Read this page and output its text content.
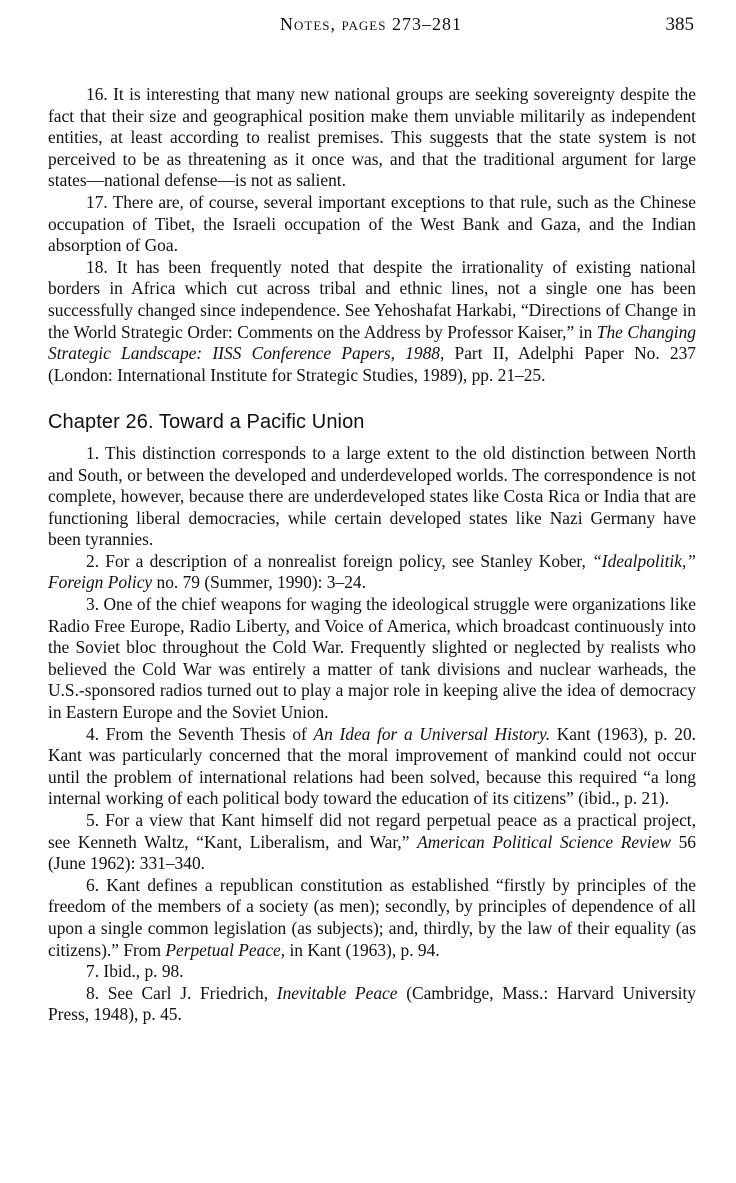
Notes, pages 273–281	385

16. It is interesting that many new national groups are seeking sovereignty despite the fact that their size and geographical position make them unviable militarily as independent entities, at least according to realist premises. This suggests that the state system is not perceived to be as threatening as it once was, and that the traditional argument for large states—national defense—is not as salient.

17. There are, of course, several important exceptions to that rule, such as the Chinese occupation of Tibet, the Israeli occupation of the West Bank and Gaza, and the Indian absorption of Goa.

18. It has been frequently noted that despite the irrationality of existing national borders in Africa which cut across tribal and ethnic lines, not a single one has been successfully changed since independence. See Yehoshafat Harkabi, “Directions of Change in the World Strategic Order: Comments on the Address by Professor Kaiser,” in The Changing Strategic Landscape: IISS Conference Papers, 1988, Part II, Adelphi Paper No. 237 (London: International Institute for Strategic Studies, 1989), pp. 21–25.

Chapter 26. Toward a Pacific Union

1. This distinction corresponds to a large extent to the old distinction between North and South, or between the developed and underdeveloped worlds. The correspondence is not complete, however, because there are underdeveloped states like Costa Rica or India that are functioning liberal democracies, while certain developed states like Nazi Germany have been tyrannies.

2. For a description of a nonrealist foreign policy, see Stanley Kober, “Idealpolitik,” Foreign Policy no. 79 (Summer, 1990): 3–24.

3. One of the chief weapons for waging the ideological struggle were organizations like Radio Free Europe, Radio Liberty, and Voice of America, which broadcast continuously into the Soviet bloc throughout the Cold War. Frequently slighted or neglected by realists who believed the Cold War was entirely a matter of tank divisions and nuclear warheads, the U.S.-sponsored radios turned out to play a major role in keeping alive the idea of democracy in Eastern Europe and the Soviet Union.

4. From the Seventh Thesis of An Idea for a Universal History. Kant (1963), p. 20. Kant was particularly concerned that the moral improvement of mankind could not occur until the problem of international relations had been solved, because this required “a long internal working of each political body toward the education of its citizens” (ibid., p. 21).

5. For a view that Kant himself did not regard perpetual peace as a practical project, see Kenneth Waltz, “Kant, Liberalism, and War,” American Political Science Review 56 (June 1962): 331–340.

6. Kant defines a republican constitution as established “firstly by principles of the freedom of the members of a society (as men); secondly, by principles of dependence of all upon a single common legislation (as subjects); and, thirdly, by the law of their equality (as citizens).” From Perpetual Peace, in Kant (1963), p. 94.

7. Ibid., p. 98.

8. See Carl J. Friedrich, Inevitable Peace (Cambridge, Mass.: Harvard University Press, 1948), p. 45.
